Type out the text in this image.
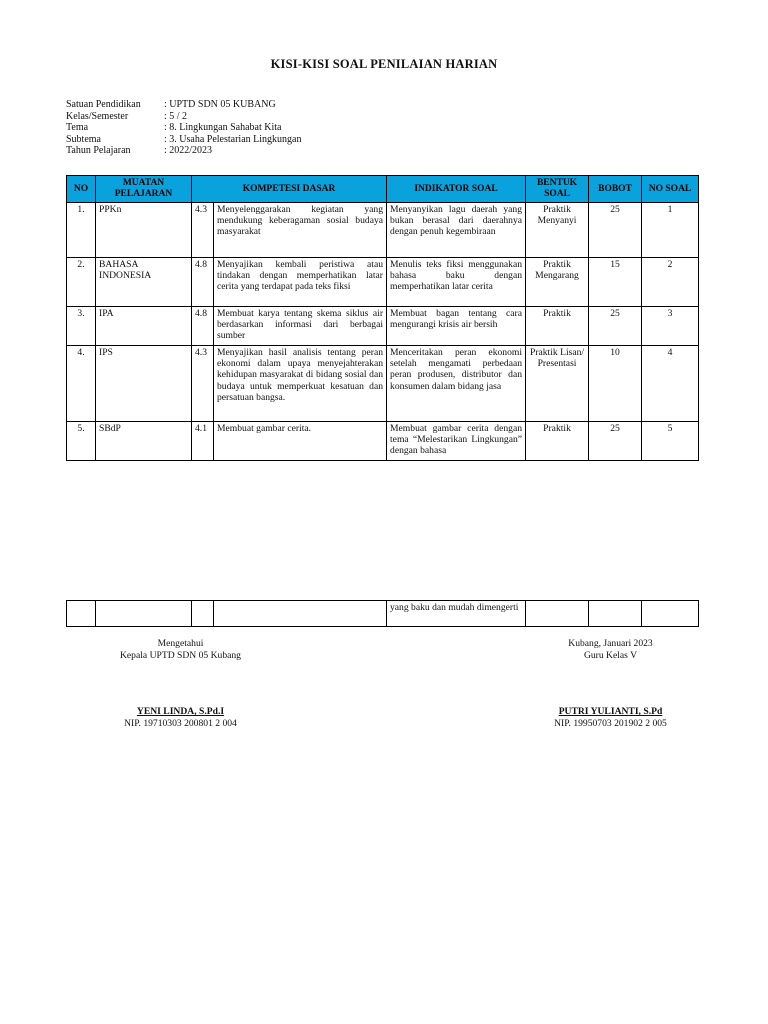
KISI-KISI SOAL PENILAIAN HARIAN
Satuan Pendidikan	: UPTD SDN 05 KUBANG
Kelas/Semester	: 5 / 2
Tema	: 8. Lingkungan Sahabat Kita
Subtema	: 3. Usaha Pelestarian Lingkungan
Tahun Pelajaran	: 2022/2023
NO	MUATAN PELAJARAN	KOMPETESI DASAR		INDIKATOR SOAL	BENTUK SOAL	BOBOT	NO SOAL
1.	PPKn	4.3	Menyelenggarakan kegiatan yang mendukung keberagaman sosial budaya masyarakat	Menyanyikan lagu daerah yang bukan berasal dari daerahnya dengan penuh kegembiraan	Praktik Menyanyi	25	1
2.	BAHASA INDONESIA	4.8	Menyajikan kembali peristiwa atau tindakan dengan memperhatikan latar cerita yang terdapat pada teks fiksi	Menulis teks fiksi menggunakan bahasa baku dengan memperhatikan latar cerita	Praktik Mengarang	15	2
3.	IPA	4.8	Membuat karya tentang skema siklus air berdasarkan informasi dari berbagai sumber	Membuat bagan tentang cara mengurangi krisis air bersih	Praktik	25	3
4.	IPS	4.3	Menyajikan hasil analisis tentang peran ekonomi dalam upaya menyejahterakan kehidupan masyarakat di bidang sosial dan budaya untuk memperkuat kesatuan dan persatuan bangsa.	Menceritakan peran ekonomi setelah mengamati perbedaan peran produsen, distributor dan konsumen dalam bidang jasa	Praktik Lisan/ Presentasi	10	4
5.	SBdP	4.1	Membuat gambar cerita.	Membuat gambar cerita dengan tema “Melestarikan Lingkungan” dengan bahasa	Praktik	25	5
				yang baku dan mudah dimengerti			
Mengetahui
Kepala UPTD SDN 05 Kubang
YENI LINDA, S.Pd.I
NIP. 19710303 200801 2 004
Kubang, Januari 2023
Guru Kelas V
PUTRI YULIANTI, S.Pd
NIP. 19950703 201902 2 005
